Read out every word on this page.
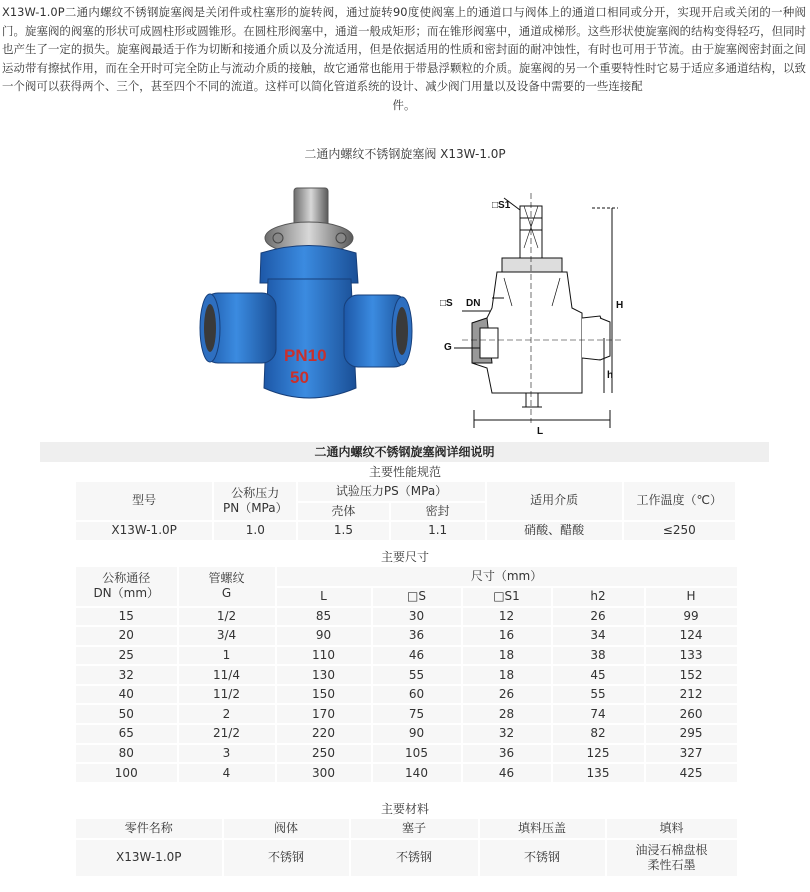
X13W-1.0P二通内螺纹不锈钢旋塞阀是关闭件或柱塞形的旋转阀，通过旋转90度使阀塞上的通道口与阀体上的通道口相同或分开，实现开启或关闭的一种阀门。旋塞阀的阀塞的形状可成圆柱形或圆锥形。在圆柱形阀塞中，通道一般成矩形；而在锥形阀塞中，通道成梯形。这些形状使旋塞阀的结构变得轻巧，但同时也产生了一定的损失。旋塞阀最适于作为切断和接通介质以及分流适用，但是依据适用的性质和密封面的耐冲蚀性，有时也可用于节流。由于旋塞阀密封面之间运动带有擦拭作用，而在全开时可完全防止与流动介质的接触，故它通常也能用于带悬浮颗粒的介质。旋塞阀的另一个重要特性时它易于适应多通道结构，以致一个阀可以获得两个、三个，甚至四个不同的流道。这样可以简化管道系统的设计、减少阀门用量以及设备中需要的一些连接配
件。
二通内螺纹不锈钢旋塞阀 X13W-1.0P
PN10
50
□S1
□S DN
G
H
h
L
二通内螺纹不锈钢旋塞阀详细说明
主要性能规范
型号	公称压力
PN（MPa）	试验压力PS（MPa）		适用介质	工作温度（℃）
		壳体	密封		
X13W-1.0P	1.0	1.5	1.1	硝酸、醋酸	≤250
主要尺寸
公称通径
DN（mm）	管螺纹
G	尺寸（mm）				
		L	□S	□S1	h2	H
15	1/2	85	30	12	26	99
20	3/4	90	36	16	34	124
25	1	110	46	18	38	133
32	11/4	130	55	18	45	152
40	11/2	150	60	26	55	212
50	2	170	75	28	74	260
65	21/2	220	90	32	82	295
80	3	250	105	36	125	327
100	4	300	140	46	135	425
主要材料
零件名称	阀体	塞子	填料压盖	填料
X13W-1.0P	不锈钢	不锈钢	不锈钢	油浸石棉盘根
柔性石墨
